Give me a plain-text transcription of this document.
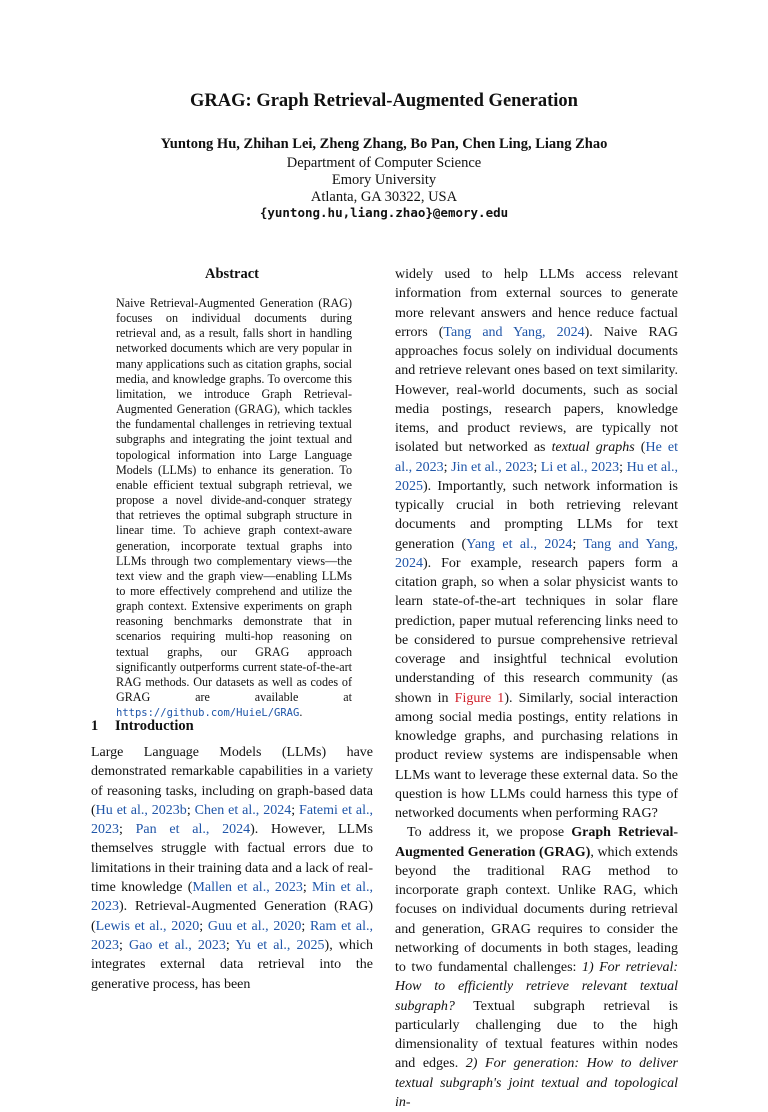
GRAG: Graph Retrieval-Augmented Generation
Yuntong Hu, Zhihan Lei, Zheng Zhang, Bo Pan, Chen Ling, Liang Zhao
Department of Computer Science
Emory University
Atlanta, GA 30322, USA
{yuntong.hu,liang.zhao}@emory.edu
Abstract
Naive Retrieval-Augmented Generation (RAG) focuses on individual documents during retrieval and, as a result, falls short in handling networked documents which are very popular in many applications such as citation graphs, social media, and knowledge graphs. To overcome this limitation, we introduce Graph Retrieval-Augmented Generation (GRAG), which tackles the fundamental challenges in retrieving textual subgraphs and integrating the joint textual and topological information into Large Language Models (LLMs) to enhance its generation. To enable efficient textual subgraph retrieval, we propose a novel divide-and-conquer strategy that retrieves the optimal subgraph structure in linear time. To achieve graph context-aware generation, incorporate textual graphs into LLMs through two complementary views—the text view and the graph view—enabling LLMs to more effectively comprehend and utilize the graph context. Extensive experiments on graph reasoning benchmarks demonstrate that in scenarios requiring multi-hop reasoning on textual graphs, our GRAG approach significantly outperforms current state-of-the-art RAG methods. Our datasets as well as codes of GRAG are available at https://github.com/HuieL/GRAG.
1 Introduction
Large Language Models (LLMs) have demonstrated remarkable capabilities in a variety of reasoning tasks, including on graph-based data (Hu et al., 2023b; Chen et al., 2024; Fatemi et al., 2023; Pan et al., 2024). However, LLMs themselves struggle with factual errors due to limitations in their training data and a lack of real-time knowledge (Mallen et al., 2023; Min et al., 2023). Retrieval-Augmented Generation (RAG) (Lewis et al., 2020; Guu et al., 2020; Ram et al., 2023; Gao et al., 2023; Yu et al., 2025), which integrates external data retrieval into the generative process, has been

widely used to help LLMs access relevant information from external sources to generate more relevant answers and hence reduce factual errors (Tang and Yang, 2024). Naive RAG approaches focus solely on individual documents and retrieve relevant ones based on text similarity. However, real-world documents, such as social media postings, research papers, knowledge items, and product reviews, are typically not isolated but networked as textual graphs (He et al., 2023; Jin et al., 2023; Li et al., 2023; Hu et al., 2025). Importantly, such network information is typically crucial in both retrieving relevant documents and prompting LLMs for text generation (Yang et al., 2024; Tang and Yang, 2024). For example, research papers form a citation graph, so when a solar physicist wants to learn state-of-the-art techniques in solar flare prediction, paper mutual referencing links need to be considered to pursue comprehensive retrieval coverage and insightful technical evolution understanding of this research community (as shown in Figure 1). Similarly, social interaction among social media postings, entity relations in knowledge graphs, and purchasing relations in product review systems are indispensable when LLMs want to leverage these external data. So the question is how LLMs could harness this type of networked documents when performing RAG?

To address it, we propose Graph Retrieval-Augmented Generation (GRAG), which extends beyond the traditional RAG method to incorporate graph context. Unlike RAG, which focuses on individual documents during retrieval and generation, GRAG requires to consider the networking of documents in both stages, leading to two fundamental challenges: 1) For retrieval: How to efficiently retrieve relevant textual subgraph? Textual subgraph retrieval is particularly challenging due to the high dimensionality of textual features within nodes and edges. 2) For generation: How to deliver textual subgraph's joint textual and topological in-
